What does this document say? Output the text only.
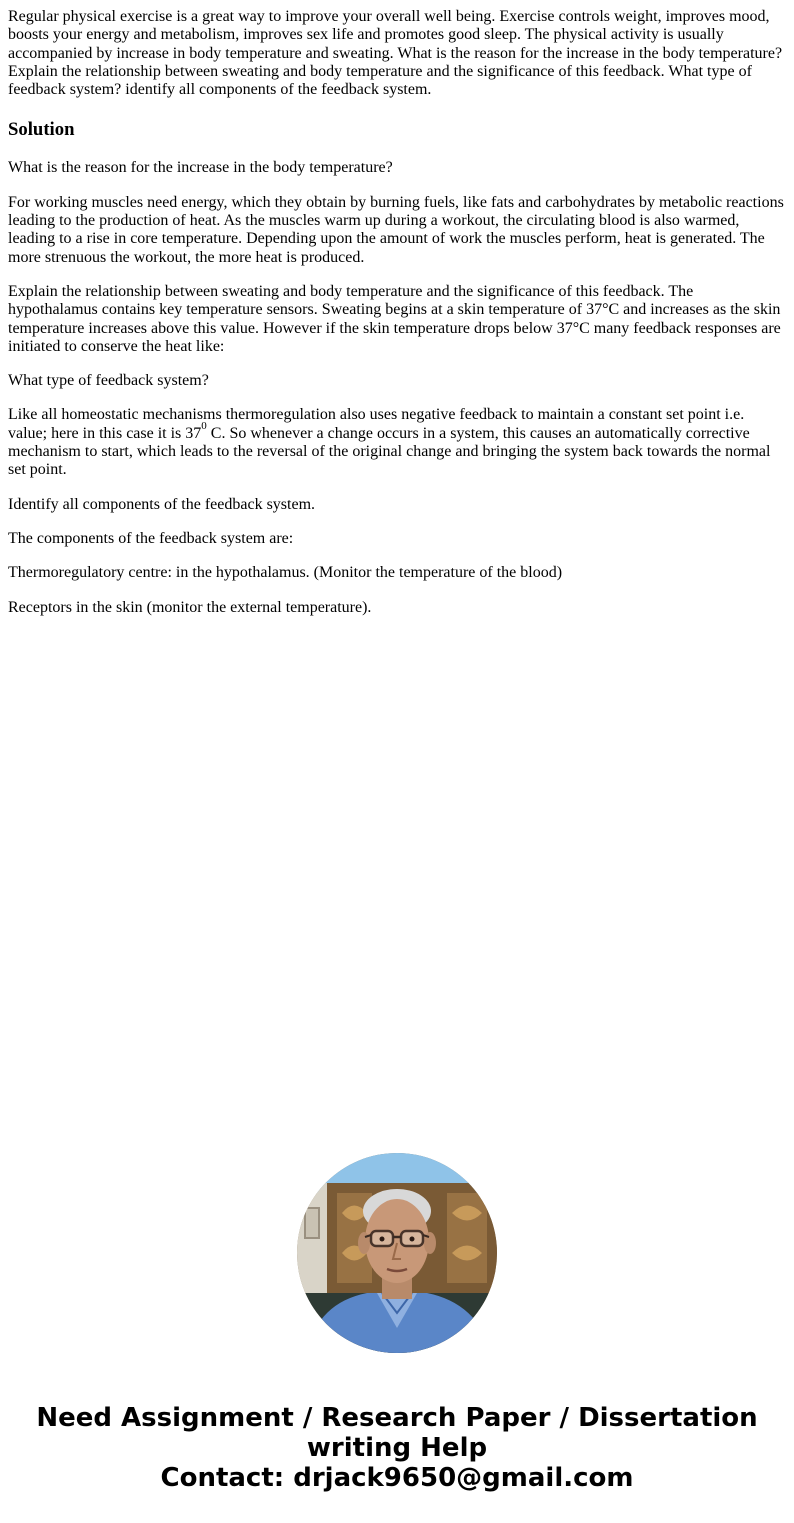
Regular physical exercise is a great way to improve your overall well being. Exercise controls weight, improves mood, boosts your energy and metabolism, improves sex life and promotes good sleep. The physical activity is usually accompanied by increase in body temperature and sweating. What is the reason for the increase in the body temperature? Explain the relationship between sweating and body temperature and the significance of this feedback. What type of feedback system? identify all components of the feedback system.

Solution

What is the reason for the increase in the body temperature?

For working muscles need energy, which they obtain by burning fuels, like fats and carbohydrates by metabolic reactions leading to the production of heat. As the muscles warm up during a workout, the circulating blood is also warmed, leading to a rise in core temperature. Depending upon the amount of work the muscles perform, heat is generated. The more strenuous the workout, the more heat is produced.

Explain the relationship between sweating and body temperature and the significance of this feedback. The hypothalamus contains key temperature sensors. Sweating begins at a skin temperature of 37°C and increases as the skin temperature increases above this value. However if the skin temperature drops below 37°C many feedback responses are initiated to conserve the heat like:

What type of feedback system?

Like all homeostatic mechanisms thermoregulation also uses negative feedback to maintain a constant set point i.e. value; here in this case it is $37^0$ C. So whenever a change occurs in a system, this causes an automatically corrective mechanism to start, which leads to the reversal of the original change and bringing the system back towards the normal set point.

Identify all components of the feedback system.

The components of the feedback system are:

Thermoregulatory centre: in the hypothalamus. (Monitor the temperature of the blood)

Receptors in the skin (monitor the external temperature).

Need Assignment / Research Paper / Dissertation
writing Help
Contact: drjack9650@gmail.com
